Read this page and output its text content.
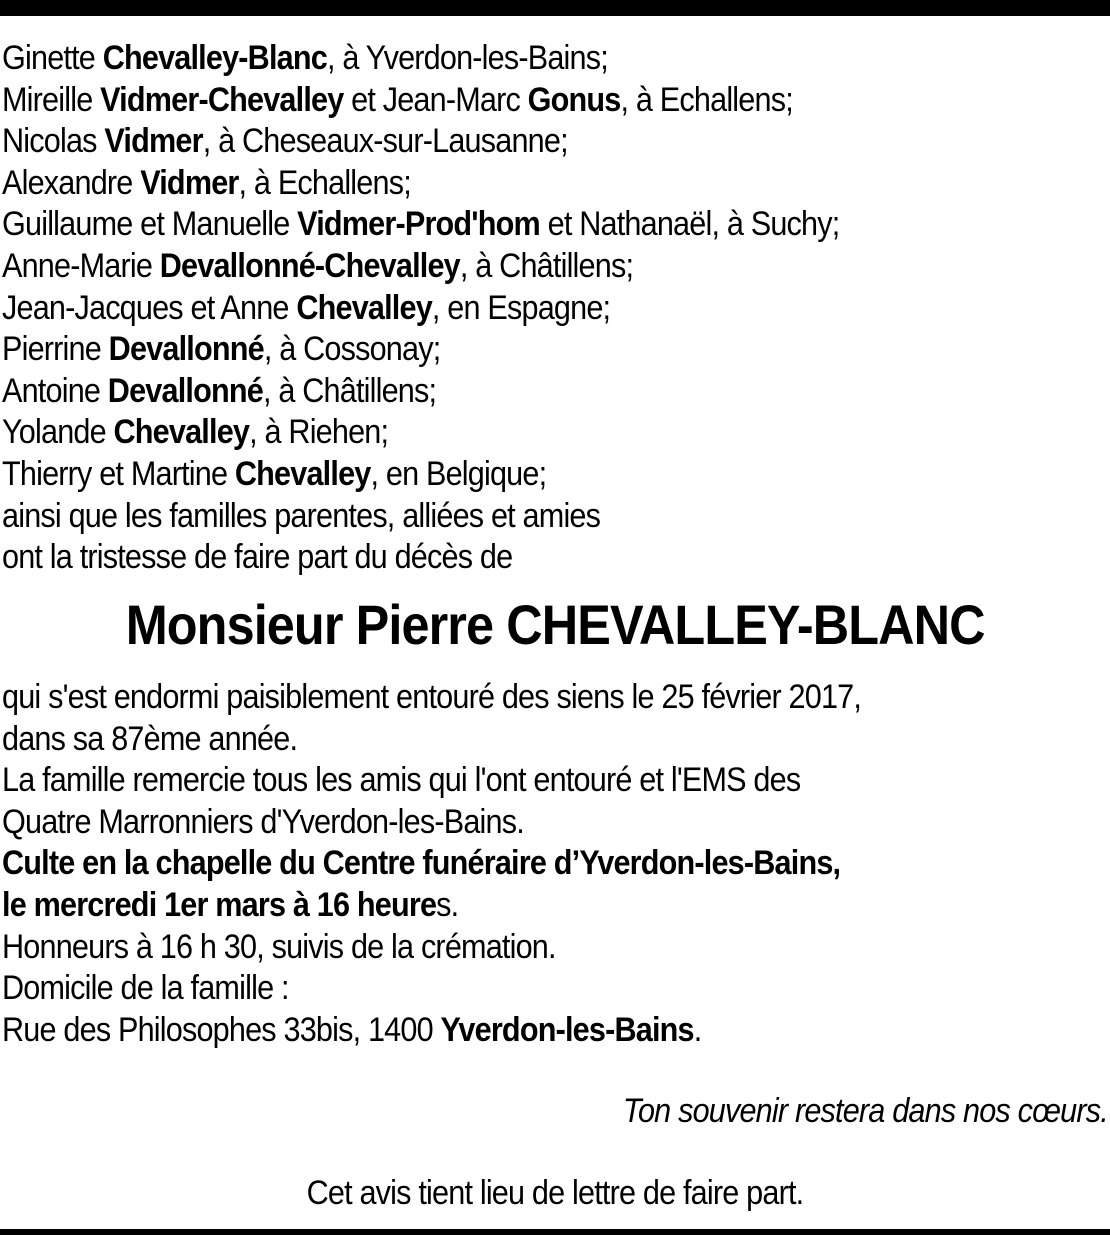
Ginette Chevalley-Blanc, à Yverdon-les-Bains;
Mireille Vidmer-Chevalley et Jean-Marc Gonus, à Echallens;
Nicolas Vidmer, à Cheseaux-sur-Lausanne;
Alexandre Vidmer, à Echallens;
Guillaume et Manuelle Vidmer-Prod'hom et Nathanaël, à Suchy;
Anne-Marie Devallonné-Chevalley, à Châtillens;
Jean-Jacques et Anne Chevalley, en Espagne;
Pierrine Devallonné, à Cossonay;
Antoine Devallonné, à Châtillens;
Yolande Chevalley, à Riehen;
Thierry et Martine Chevalley, en Belgique;
ainsi que les familles parentes, alliées et amies
ont la tristesse de faire part du décès de
Monsieur Pierre CHEVALLEY-BLANC
qui s'est endormi paisiblement entouré des siens le 25 février 2017,
dans sa 87ème année.
La famille remercie tous les amis qui l'ont entouré et l'EMS des
Quatre Marronniers d'Yverdon-les-Bains.
Culte en la chapelle du Centre funéraire d’Yverdon-les-Bains,
le mercredi 1er mars à 16 heures.
Honneurs à 16 h 30, suivis de la crémation.
Domicile de la famille :
Rue des Philosophes 33bis, 1400 Yverdon-les-Bains.
Ton souvenir restera dans nos cœurs.
Cet avis tient lieu de lettre de faire part.
